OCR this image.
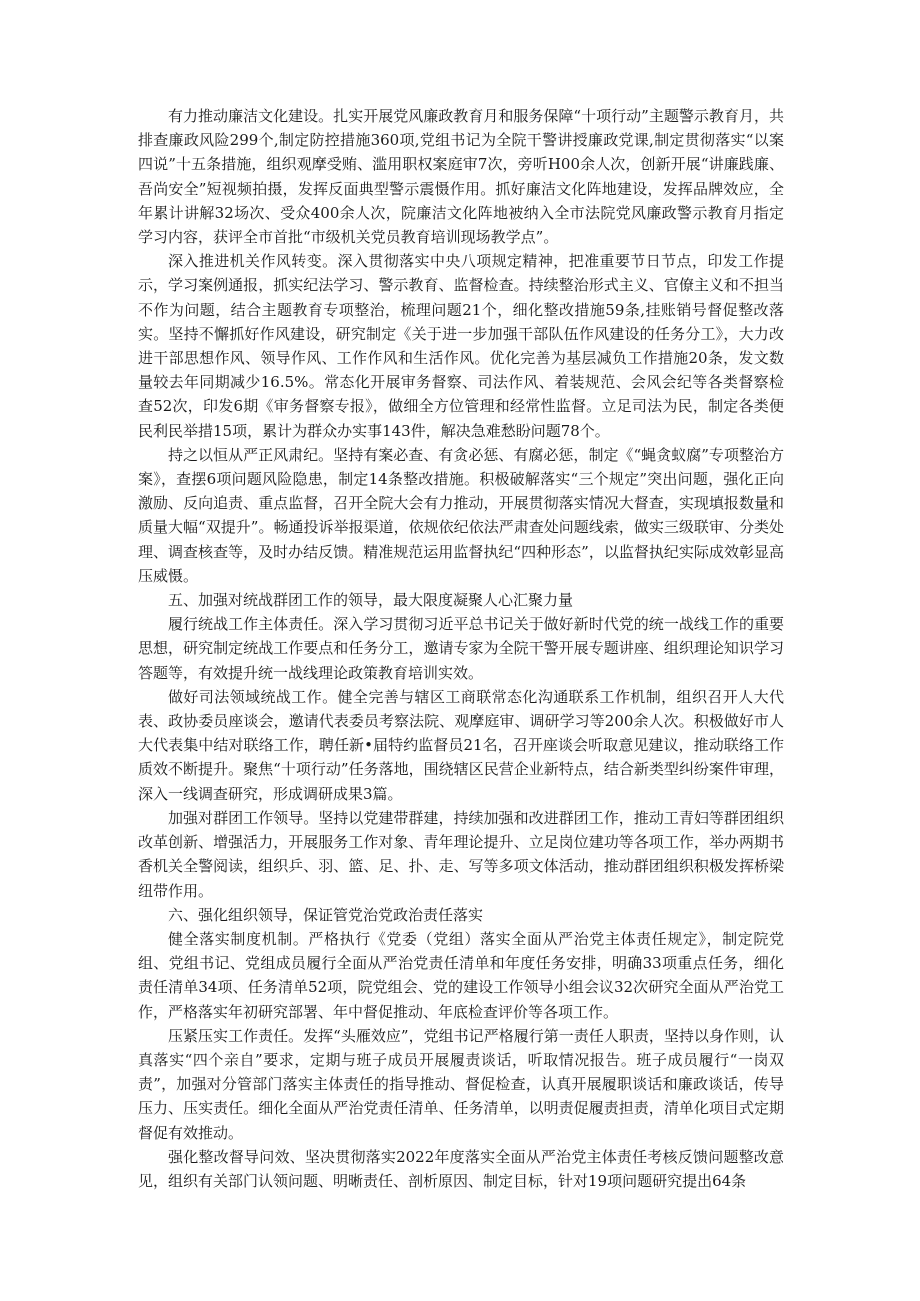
有力推动廉洁文化建设。扎实开展党风廉政教育月和服务保障“十项行动”主题警示教育月，共排查廉政风险299个,制定防控措施360项,党组书记为全院干警讲授廉政党课,制定贯彻落实“以案四说”十五条措施，组织观摩受贿、滥用职权案庭审7次，旁听H00余人次，创新开展“讲廉践廉、吾尚安全”短视频拍摄，发挥反面典型警示震慑作用。抓好廉洁文化阵地建设，发挥品牌效应，全年累计讲解32场次、受众400余人次，院廉洁文化阵地被纳入全市法院党风廉政警示教育月指定学习内容，获评全市首批“市级机关党员教育培训现场教学点”。

深入推进机关作风转变。深入贯彻落实中央八项规定精神，把准重要节日节点，印发工作提示，学习案例通报，抓实纪法学习、警示教育、监督检查。持续整治形式主义、官僚主义和不担当不作为问题，结合主题教育专项整治，梳理问题21个，细化整改措施59条,挂账销号督促整改落实。坚持不懈抓好作风建设，研究制定《关于进一步加强干部队伍作风建设的任务分工》，大力改进干部思想作风、领导作风、工作作风和生活作风。优化完善为基层减负工作措施20条，发文数量较去年同期减少16.5%。常态化开展审务督察、司法作风、着装规范、会风会纪等各类督察检查52次，印发6期《审务督察专报》，做细全方位管理和经常性监督。立足司法为民，制定各类便民利民举措15项，累计为群众办实事143件，解决急难愁盼问题78个。

持之以恒从严正风肃纪。坚持有案必查、有贪必惩、有腐必惩，制定《“蝇贪蚁腐”专项整治方案》，查摆6项问题风险隐患，制定14条整改措施。积极破解落实“三个规定”突出问题，强化正向激励、反向追责、重点监督，召开全院大会有力推动，开展贯彻落实情况大督查，实现填报数量和质量大幅“双提升”。畅通投诉举报渠道，依规依纪依法严肃查处问题线索，做实三级联审、分类处理、调查核查等，及时办结反馈。精准规范运用监督执纪“四种形态”，以监督执纪实际成效彰显高压威慑。

五、加强对统战群团工作的领导，最大限度凝聚人心汇聚力量

履行统战工作主体责任。深入学习贯彻习近平总书记关于做好新时代党的统一战线工作的重要思想，研究制定统战工作要点和任务分工，邀请专家为全院干警开展专题讲座、组织理论知识学习答题等，有效提升统一战线理论政策教育培训实效。

做好司法领域统战工作。健全完善与辖区工商联常态化沟通联系工作机制，组织召开人大代表、政协委员座谈会，邀请代表委员考察法院、观摩庭审、调研学习等200余人次。积极做好市人大代表集中结对联络工作，聘任新•届特约监督员21名，召开座谈会听取意见建议，推动联络工作质效不断提升。聚焦“十项行动”任务落地，围绕辖区民营企业新特点，结合新类型纠纷案件审理，深入一线调查研究，形成调研成果3篇。

加强对群团工作领导。坚持以党建带群建，持续加强和改进群团工作，推动工青妇等群团组织改革创新、增强活力，开展服务工作对象、青年理论提升、立足岗位建功等各项工作，举办两期书香机关全警阅读，组织乒、羽、篮、足、扑、走、写等多项文体活动，推动群团组织积极发挥桥梁纽带作用。

六、强化组织领导，保证管党治党政治责任落实

健全落实制度机制。严格执行《党委（党组）落实全面从严治党主体责任规定》，制定院党组、党组书记、党组成员履行全面从严治党责任清单和年度任务安排，明确33项重点任务，细化责任清单34项、任务清单52项，院党组会、党的建设工作领导小组会议32次研究全面从严治党工作，严格落实年初研究部署、年中督促推动、年底检查评价等各项工作。

压紧压实工作责任。发挥“头雁效应”，党组书记严格履行第一责任人职责，坚持以身作则，认真落实“四个亲自”要求，定期与班子成员开展履责谈话，听取情况报告。班子成员履行“一岗双责”，加强对分管部门落实主体责任的指导推动、督促检查，认真开展履职谈话和廉政谈话，传导压力、压实责任。细化全面从严治党责任清单、任务清单，以明责促履责担责，清单化项目式定期督促有效推动。

强化整改督导问效、坚决贯彻落实2022年度落实全面从严治党主体责任考核反馈问题整改意见，组织有关部门认领问题、明晰责任、剖析原因、制定目标，针对19项问题研究提出64条
